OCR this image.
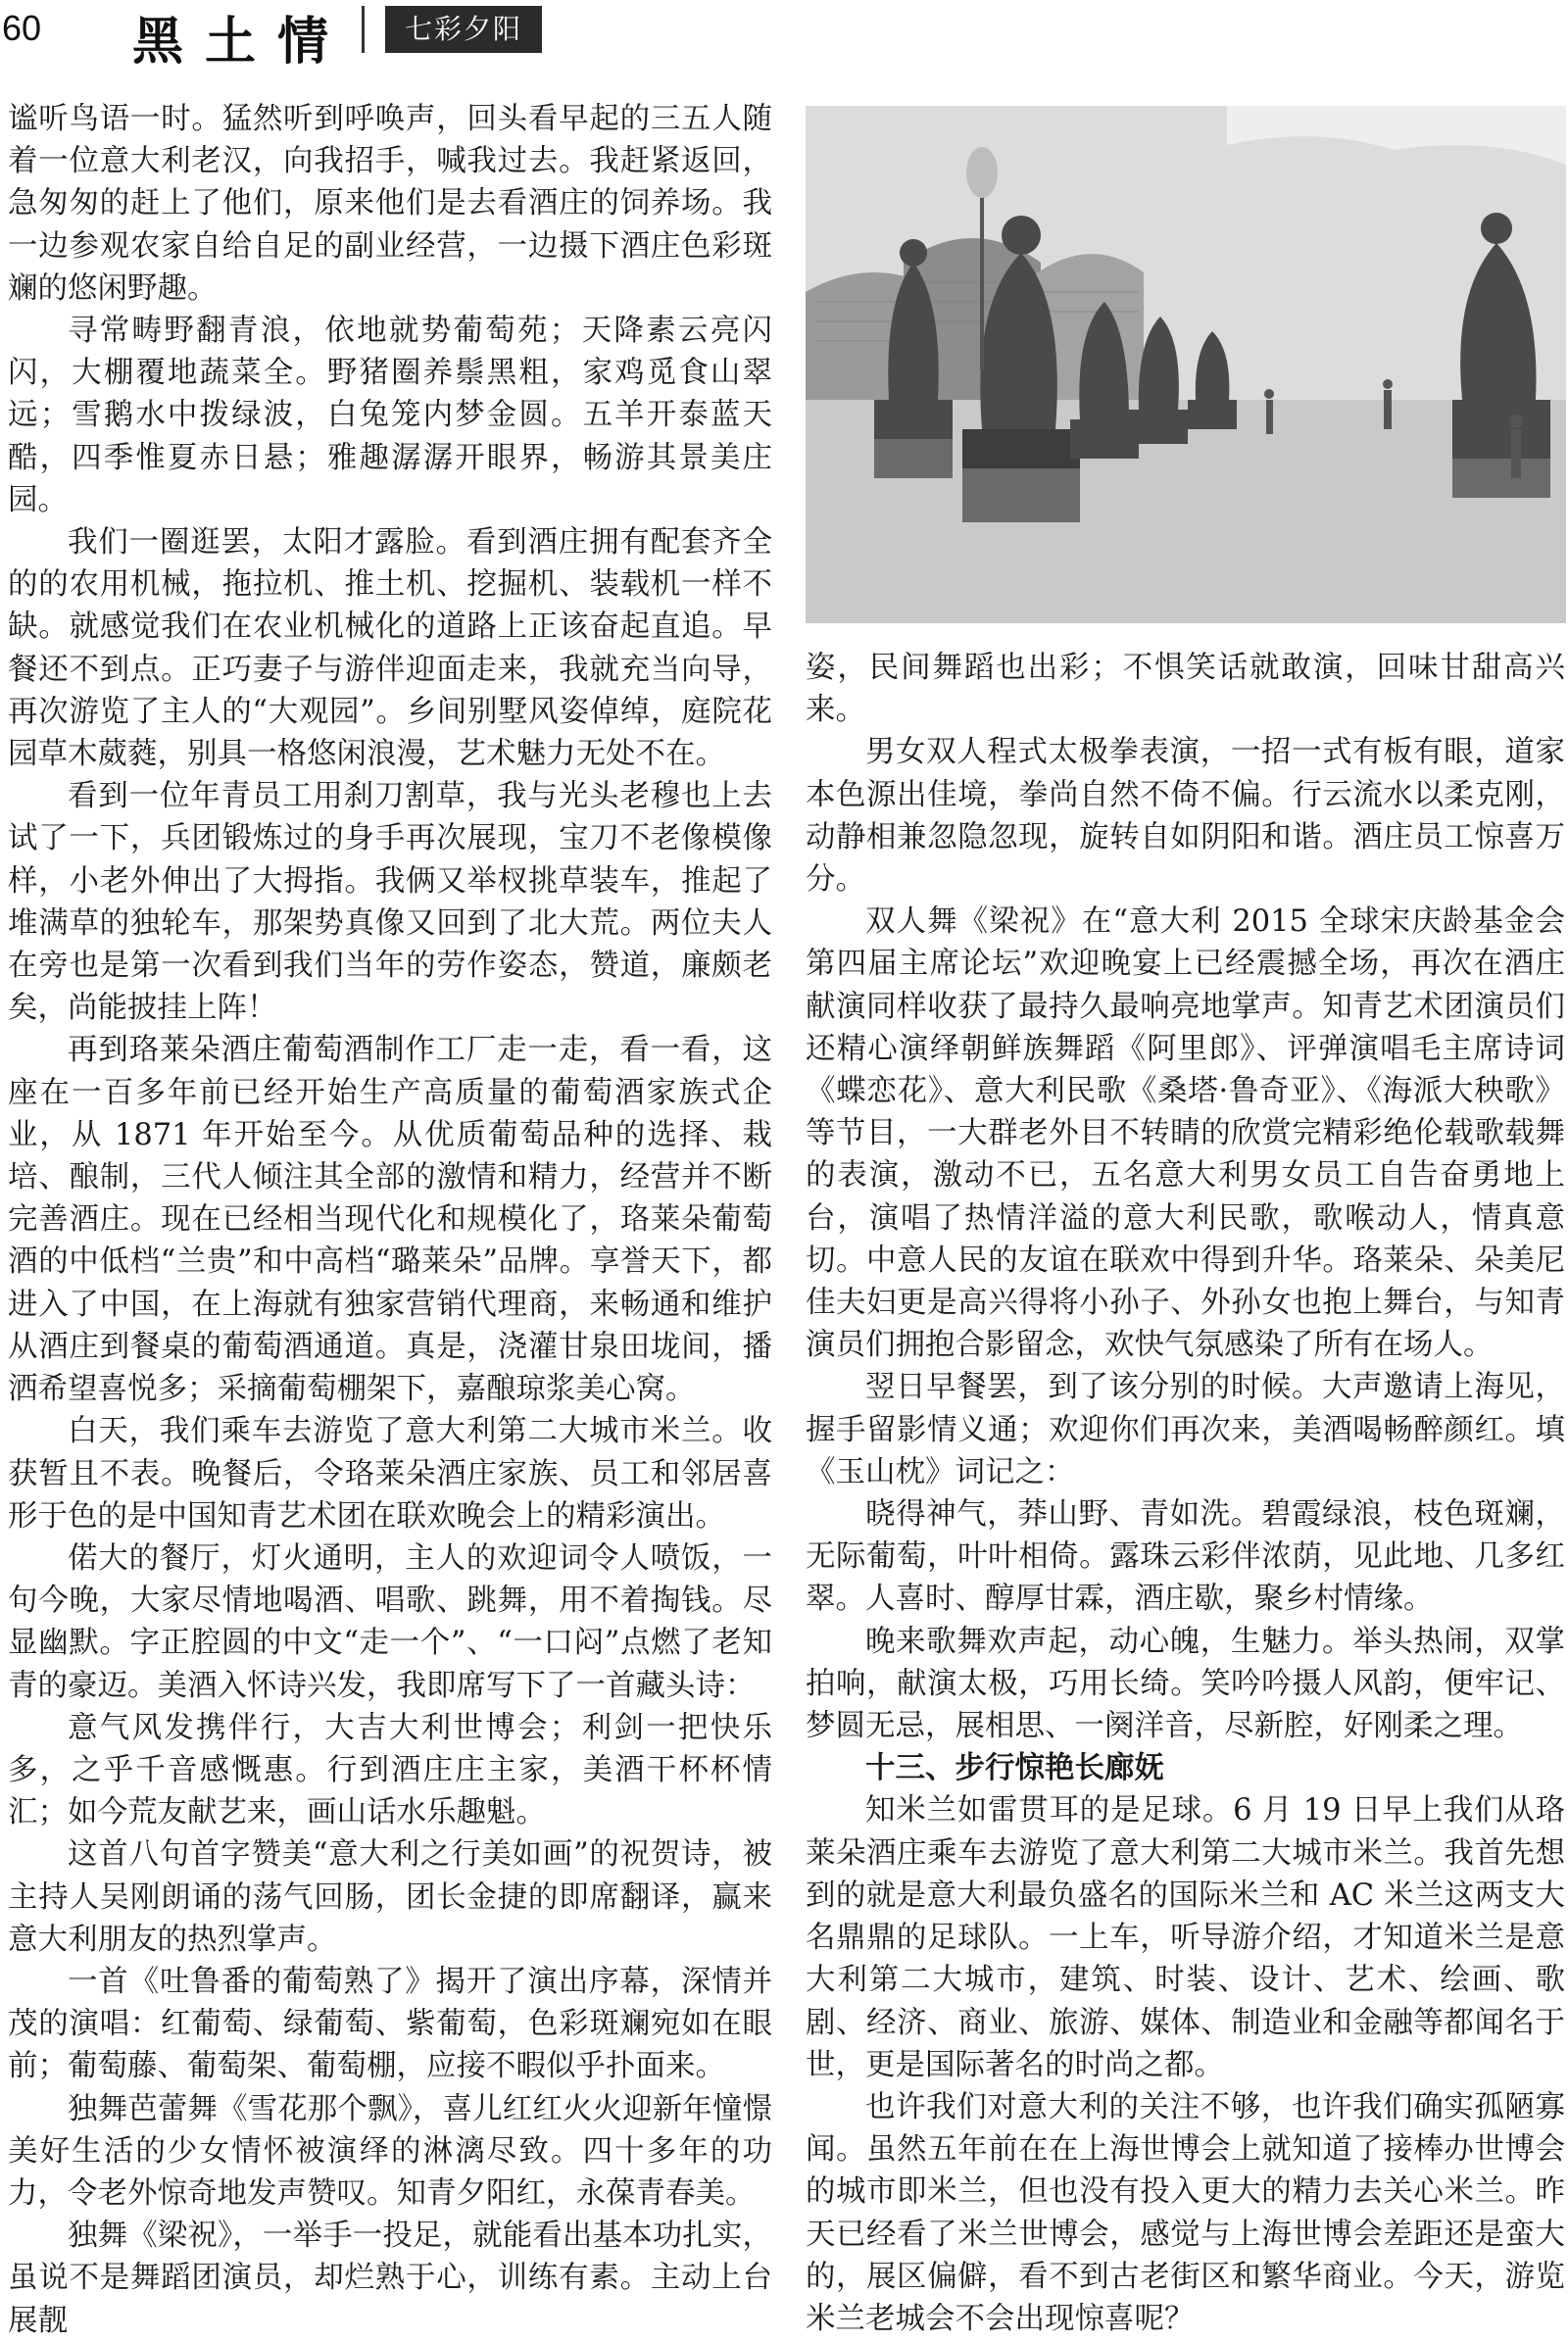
60 黑土情	七彩夕阳

谧听鸟语一时。猛然听到呼唤声，回头看早起的三五人随着一位意大利老汉，向我招手，喊我过去。我赶紧返回，急匆匆的赶上了他们，原来他们是去看酒庄的饲养场。我一边参观农家自给自足的副业经营，一边摄下酒庄色彩斑斓的悠闲野趣。

寻常畴野翻青浪，依地就势葡萄苑；天降素云亮闪闪，大棚覆地蔬菜全。野猪圈养鬃黑粗，家鸡觅食山翠远；雪鹅水中拨绿波，白兔笼内梦金圆。五羊开泰蓝天酷，四季惟夏赤日悬；雅趣潺潺开眼界，畅游其景美庄园。

我们一圈逛罢，太阳才露脸。看到酒庄拥有配套齐全的的农用机械，拖拉机、推土机、挖掘机、装载机一样不缺。就感觉我们在农业机械化的道路上正该奋起直追。早餐还不到点。正巧妻子与游伴迎面走来，我就充当向导，再次游览了主人的“大观园”。乡间别墅风姿倬绰，庭院花园草木葳蕤，别具一格悠闲浪漫，艺术魅力无处不在。

看到一位年青员工用刹刀割草，我与光头老穆也上去试了一下，兵团锻炼过的身手再次展现，宝刀不老像模像样，小老外伸出了大拇指。我俩又举杈挑草装车，推起了堆满草的独轮车，那架势真像又回到了北大荒。两位夫人在旁也是第一次看到我们当年的劳作姿态，赞道，廉颇老矣，尚能披挂上阵！

再到珞莱朵酒庄葡萄酒制作工厂走一走，看一看，这座在一百多年前已经开始生产高质量的葡萄酒家族式企业，从 1871 年开始至今。从优质葡萄品种的选择、栽培、酿制，三代人倾注其全部的激情和精力，经营并不断完善酒庄。现在已经相当现代化和规模化了，珞莱朵葡萄酒的中低档“兰贵”和中高档“璐莱朵”品牌。享誉天下，都进入了中国，在上海就有独家营销代理商，来畅通和维护从酒庄到餐桌的葡萄酒通道。真是，浇灌甘泉田垅间，播洒希望喜悦多；采摘葡萄棚架下，嘉酿琼浆美心窝。

白天，我们乘车去游览了意大利第二大城市米兰。收获暂且不表。晚餐后，令珞莱朵酒庄家族、员工和邻居喜形于色的是中国知青艺术团在联欢晚会上的精彩演出。

偌大的餐厅，灯火通明，主人的欢迎词令人喷饭，一句今晚，大家尽情地喝酒、唱歌、跳舞，用不着掏钱。尽显幽默。字正腔圆的中文“走一个”、“一口闷”点燃了老知青的豪迈。美酒入怀诗兴发，我即席写下了一首藏头诗：

意气风发携伴行，大吉大利世博会；利剑一把快乐多，之乎千音感慨惠。行到酒庄庄主家，美酒干杯杯情汇；如今荒友献艺来，画山话水乐趣魁。

这首八句首字赞美“意大利之行美如画”的祝贺诗，被主持人吴刚朗诵的荡气回肠，团长金捷的即席翻译，赢来意大利朋友的热烈掌声。

一首《吐鲁番的葡萄熟了》揭开了演出序幕，深情并茂的演唱：红葡萄、绿葡萄、紫葡萄，色彩斑斓宛如在眼前；葡萄藤、葡萄架、葡萄棚，应接不暇似乎扑面来。

独舞芭蕾舞《雪花那个飘》，喜儿红红火火迎新年憧憬美好生活的少女情怀被演绎的淋漓尽致。四十多年的功力，令老外惊奇地发声赞叹。知青夕阳红，永葆青春美。

独舞《梁祝》，一举手一投足，就能看出基本功扎实，虽说不是舞蹈团演员，却烂熟于心，训练有素。主动上台展靓

姿，民间舞蹈也出彩；不惧笑话就敢演，回味甘甜高兴来。

男女双人程式太极拳表演，一招一式有板有眼，道家本色源出佳境，拳尚自然不倚不偏。行云流水以柔克刚，动静相兼忽隐忽现，旋转自如阴阳和谐。酒庄员工惊喜万分。

双人舞《梁祝》在“意大利 2015 全球宋庆龄基金会第四届主席论坛”欢迎晚宴上已经震撼全场，再次在酒庄献演同样收获了最持久最响亮地掌声。知青艺术团演员们还精心演绎朝鲜族舞蹈《阿里郎》、评弹演唱毛主席诗词《蝶恋花》、意大利民歌《桑塔·鲁奇亚》、《海派大秧歌》等节目，一大群老外目不转睛的欣赏完精彩绝伦载歌载舞的表演，激动不已，五名意大利男女员工自告奋勇地上台，演唱了热情洋溢的意大利民歌，歌喉动人，情真意切。中意人民的友谊在联欢中得到升华。珞莱朵、朵美尼佳夫妇更是高兴得将小孙子、外孙女也抱上舞台，与知青演员们拥抱合影留念，欢快气氛感染了所有在场人。

翌日早餐罢，到了该分别的时候。大声邀请上海见，握手留影情义通；欢迎你们再次来，美酒喝畅醉颜红。填《玉山枕》词记之：

晓得神气，莽山野、青如洗。碧霞绿浪，枝色斑斓，无际葡萄，叶叶相倚。露珠云彩伴浓荫，见此地、几多红翠。人喜时、醇厚甘霖，酒庄歇，聚乡村情缘。

晚来歌舞欢声起，动心魄，生魅力。举头热闹，双掌拍响，献演太极，巧用长绮。笑吟吟摄人风韵，便牢记、梦圆无忌，展相思、一阕洋音，尽新腔，好刚柔之理。

十三、步行惊艳长廊妩

知米兰如雷贯耳的是足球。6 月 19 日早上我们从珞莱朵酒庄乘车去游览了意大利第二大城市米兰。我首先想到的就是意大利最负盛名的国际米兰和 AC 米兰这两支大名鼎鼎的足球队。一上车，听导游介绍，才知道米兰是意大利第二大城市，建筑、时装、设计、艺术、绘画、歌剧、经济、商业、旅游、媒体、制造业和金融等都闻名于世，更是国际著名的时尚之都。

也许我们对意大利的关注不够，也许我们确实孤陋寡闻。虽然五年前在在上海世博会上就知道了接棒办世博会的城市即米兰，但也没有投入更大的精力去关心米兰。昨天已经看了米兰世博会，感觉与上海世博会差距还是蛮大的，展区偏僻，看不到古老街区和繁华商业。今天，游览米兰老城会不会出现惊喜呢？
